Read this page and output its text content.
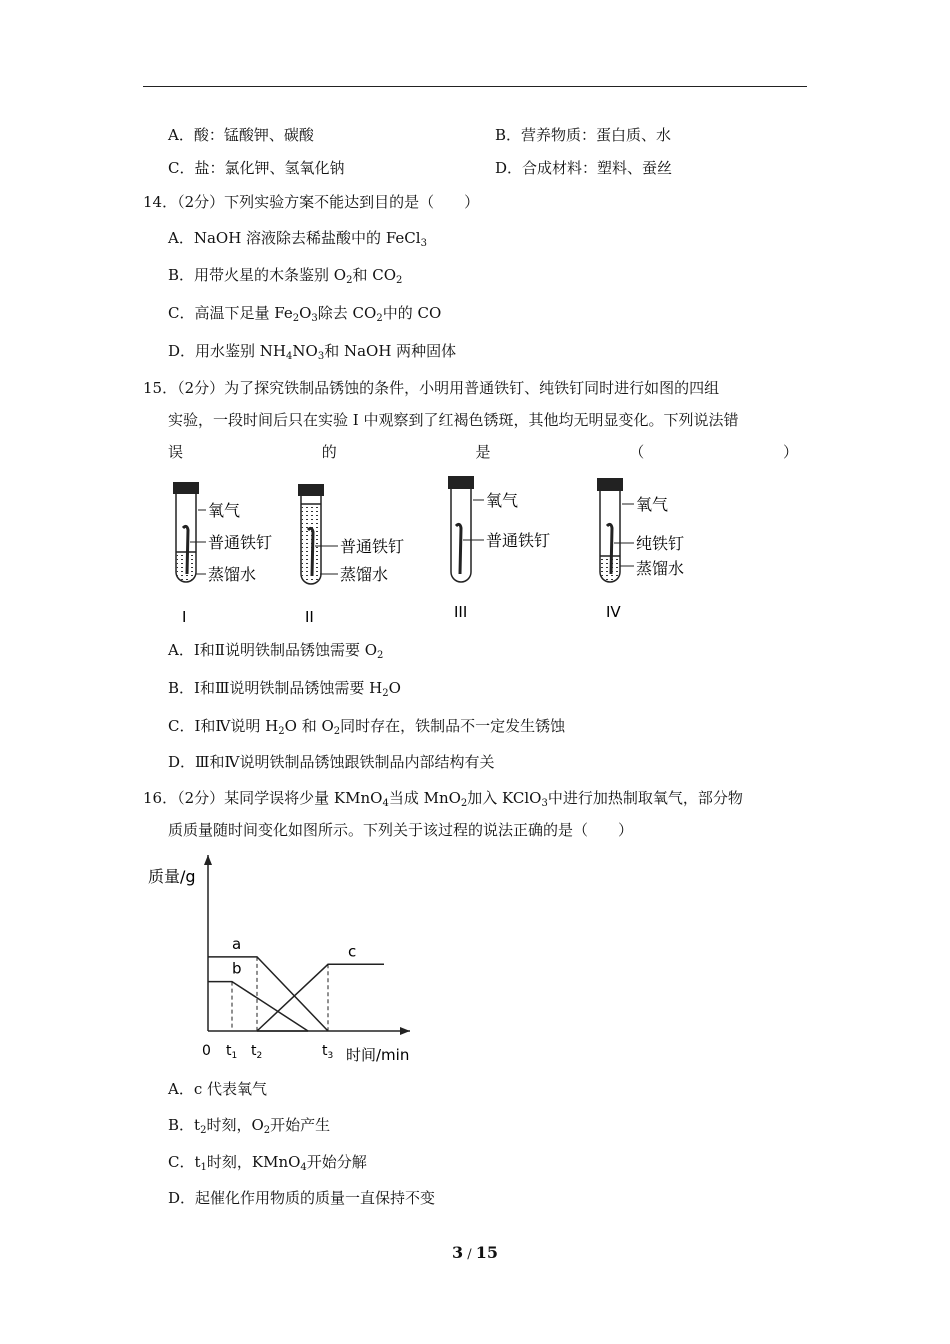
A．酸：锰酸钾、碳酸	B．营养物质：蛋白质、水
C．盐：氯化钾、氢氧化钠	D．合成材料：塑料、蚕丝
14．（2分）下列实验方案不能达到目的是（　　）
A．NaOH 溶液除去稀盐酸中的 FeCl$_3$
B．用带火星的木条鉴别 $O_2$和 $CO_2$
C．高温下足量 $Fe_2O_3$除去 $CO_2$中的 CO
D．用水鉴别 $NH_4NO_3$和 NaOH 两种固体
15．（2分）为了探究铁制品锈蚀的条件，小明用普通铁钉、纯铁钉同时进行如图的四组
实验，一段时间后只在实验 I 中观察到了红褐色锈斑，其他均无明显变化。下列说法错
误	的	是	（	）
氧气
普通铁钉
蒸馏水
I
普通铁钉
蒸馏水
II
氧气
普通铁钉
III
氧气
纯铁钉
蒸馏水
IV
A．Ⅰ和Ⅱ说明铁制品锈蚀需要 $O_2$
B．Ⅰ和Ⅲ说明铁制品锈蚀需要 $H_2O$
C．Ⅰ和Ⅳ说明 $H_2O$ 和 $O_2$同时存在，铁制品不一定发生锈蚀
D．Ⅲ和Ⅳ说明铁制品锈蚀跟铁制品内部结构有关
16．（2分）某同学误将少量 KMnO$_4$当成 MnO$_2$加入 KClO$_3$中进行加热制取氧气，部分物
质质量随时间变化如图所示。下列关于该过程的说法正确的是（　　）
质量/g
时间/min
a
b
c
0 $t_1$ $t_2$	$t_3$
A．c 代表氧气
B．$t_2$时刻，$O_2$开始产生
C．$t_1$时刻，KMnO$_4$开始分解
D．起催化作用物质的质量一直保持不变
3 / 15
